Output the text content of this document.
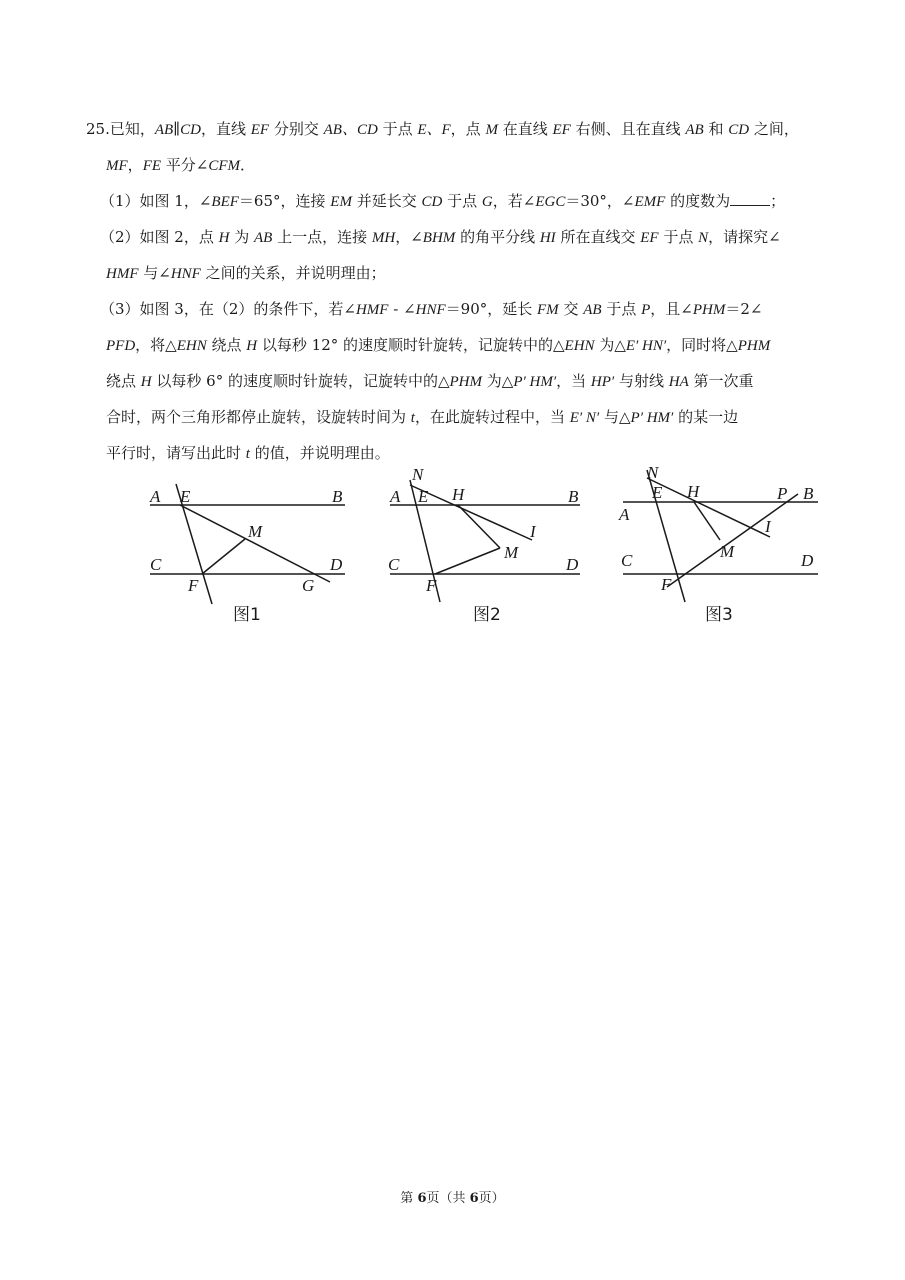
25.已知，AB∥CD，直线 EF 分别交 AB、CD 于点 E、F，点 M 在直线 EF 右侧、且在直线 AB 和 CD 之间，
MF，FE 平分∠CFM．
（1）如图 1，∠BEF＝65°，连接 EM 并延长交 CD 于点 G，若∠EGC＝30°，∠EMF 的度数为	；
（2）如图 2，点 H 为 AB 上一点，连接 MH，∠BHM 的角平分线 HI 所在直线交 EF 于点 N，请探究∠
HMF 与∠HNF 之间的关系，并说明理由；
（3）如图 3，在（2）的条件下，若∠HMF - ∠HNF＝90°，延长 FM 交 AB 于点 P，且∠PHM＝2∠
PFD，将△EHN 绕点 H 以每秒 12° 的速度顺时针旋转，记旋转中的△EHN 为△E′ HN′，同时将△PHM
绕点 H 以每秒 6° 的速度顺时针旋转，记旋转中的△PHM 为△P′ HM′，当 HP′ 与射线 HA 第一次重
合时，两个三角形都停止旋转，设旋转时间为 t，在此旋转过程中，当 E′ N′ 与△P′ HM′ 的某一边
平行时，请写出此时 t 的值，并说明理由。
A E	B
M
C	D
F	G
图1
N
A E H	B
I
M
C	D
F
图2
N
E H	P B
A
I
M
C	D
F
图3
第 6页（共 6页）
